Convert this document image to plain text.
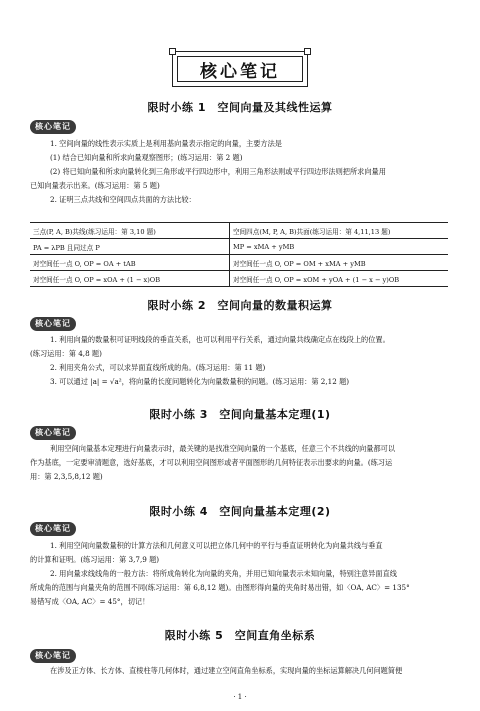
核心笔记
限时小练 1　空间向量及其线性运算
核心笔记
1. 空间向量的线性表示实质上是利用基向量表示指定的向量，主要方法是
(1) 结合已知向量和所求向量观察图形；(练习运用：第 2 题)
(2) 将已知向量和所求向量转化到三角形或平行四边形中，利用三角形法则或平行四边形法则把所求向量用
已知向量表示出来。(练习运用：第 5 题)
2. 证明三点共线和空间四点共面的方法比较：
三点(P, A, B)共线(练习运用：第 3,10 题)	空间四点(M, P, A, B)共面(练习运用：第 4,11,13 题)
PA = λPB 且同过点 P	MP = xMA + yMB
对空间任一点 O, OP = OA + tAB	对空间任一点 O, OP = OM + xMA + yMB
对空间任一点 O, OP = xOA + (1 − x)OB	对空间任一点 O, OP = xOM + yOA + (1 − x − y)OB
限时小练 2　空间向量的数量积运算
核心笔记
1. 利用向量的数量积可证明线段的垂直关系，也可以利用平行关系，通过向量共线确定点在线段上的位置。
(练习运用：第 4,8 题)
2. 利用夹角公式，可以求异面直线所成的角。(练习运用：第 11 题)
3. 可以通过 |a| = √a²，将向量的长度问题转化为向量数量积的问题。(练习运用：第 2,12 题)
限时小练 3　空间向量基本定理(1)
核心笔记
利用空间向量基本定理进行向量表示时，最关键的是找准空间向量的一个基底，任意三个不共线的向量都可以
作为基底，一定要审清题意，选好基底，才可以利用空间图形或者平面图形的几何特征表示出要求的向量。(练习运
用：第 2,3,5,8,12 题)
限时小练 4　空间向量基本定理(2)
核心笔记
1. 利用空间向量数量积的计算方法和几何意义可以把立体几何中的平行与垂直证明转化为向量共线与垂直
的计算和证明。(练习运用：第 3,7,9 题)
2. 用向量求线线角的一般方法：将所成角转化为向量的夹角，并用已知向量表示未知向量，特别注意异面直线
所成角的范围与向量夹角的范围不同(练习运用：第 6,8,12 题)。由图形得向量的夹角时易出错，如〈OA, AC〉= 135°
易错写成〈OA, AC〉= 45°，切记！
限时小练 5　空间直角坐标系
核心笔记
在涉及正方体、长方体、直棱柱等几何体时，通过建立空间直角坐标系，实现向量的坐标运算解决几何问题简便
· 1 ·
